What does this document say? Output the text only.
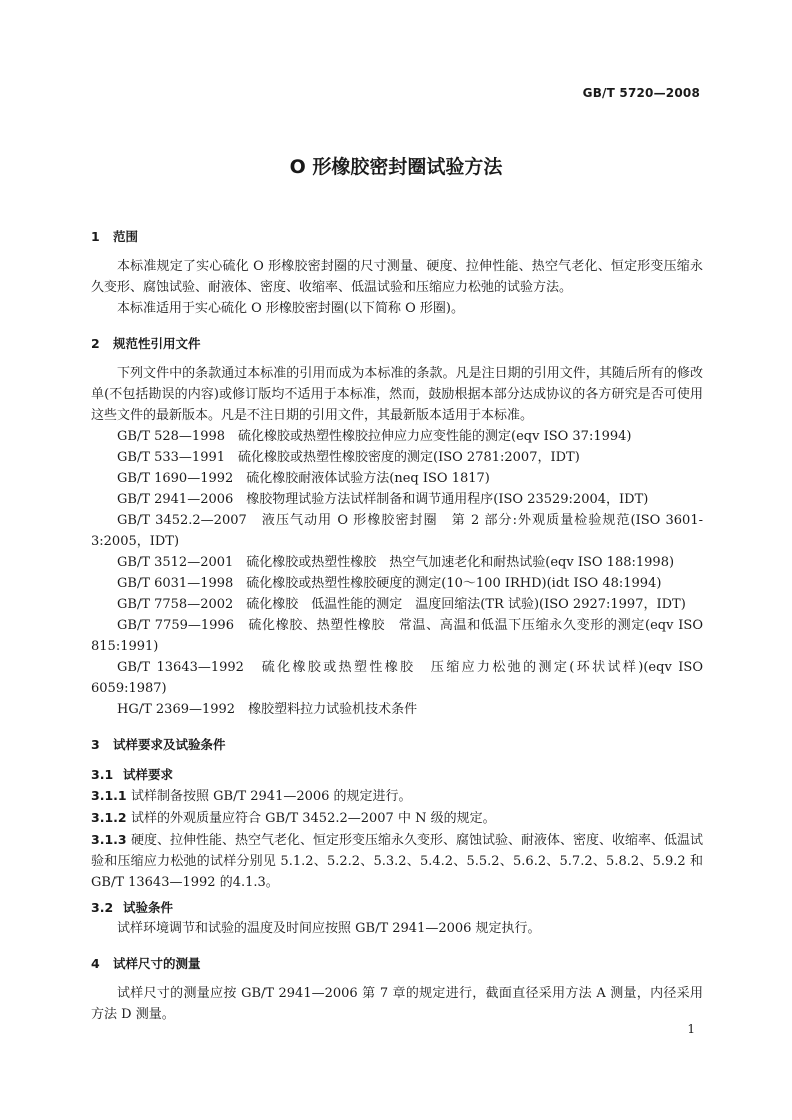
GB/T 5720—2008
O 形橡胶密封圈试验方法
1 范围
本标准规定了实心硫化 O 形橡胶密封圈的尺寸测量、硬度、拉伸性能、热空气老化、恒定形变压缩永久变形、腐蚀试验、耐液体、密度、收缩率、低温试验和压缩应力松弛的试验方法。
本标准适用于实心硫化 O 形橡胶密封圈(以下简称 O 形圈)。
2 规范性引用文件
下列文件中的条款通过本标准的引用而成为本标准的条款。凡是注日期的引用文件，其随后所有的修改单(不包括勘误的内容)或修订版均不适用于本标准，然而，鼓励根据本部分达成协议的各方研究是否可使用这些文件的最新版本。凡是不注日期的引用文件，其最新版本适用于本标准。
GB/T 528—1998　硫化橡胶或热塑性橡胶拉伸应力应变性能的测定(eqv ISO 37:1994)
GB/T 533—1991　硫化橡胶或热塑性橡胶密度的测定(ISO 2781:2007，IDT)
GB/T 1690—1992　硫化橡胶耐液体试验方法(neq ISO 1817)
GB/T 2941—2006　橡胶物理试验方法试样制备和调节通用程序(ISO 23529:2004，IDT)
GB/T 3452.2—2007　液压气动用 O 形橡胶密封圈　第 2 部分:外观质量检验规范(ISO 3601-3:2005，IDT)
GB/T 3512—2001　硫化橡胶或热塑性橡胶　热空气加速老化和耐热试验(eqv ISO 188:1998)
GB/T 6031—1998　硫化橡胶或热塑性橡胶硬度的测定(10～100 IRHD)(idt ISO 48:1994)
GB/T 7758—2002　硫化橡胶　低温性能的测定　温度回缩法(TR 试验)(ISO 2927:1997，IDT)
GB/T 7759—1996　硫化橡胶、热塑性橡胶　常温、高温和低温下压缩永久变形的测定(eqv ISO 815:1991)
GB/T 13643—1992　硫化橡胶或热塑性橡胶　压缩应力松弛的测定(环状试样)(eqv ISO 6059:1987)
HG/T 2369—1992　橡胶塑料拉力试验机技术条件
3 试样要求及试验条件
3.1 试样要求
3.1.1 试样制备按照 GB/T 2941—2006 的规定进行。
3.1.2 试样的外观质量应符合 GB/T 3452.2—2007 中 N 级的规定。
3.1.3 硬度、拉伸性能、热空气老化、恒定形变压缩永久变形、腐蚀试验、耐液体、密度、收缩率、低温试验和压缩应力松弛的试样分别见 5.1.2、5.2.2、5.3.2、5.4.2、5.5.2、5.6.2、5.7.2、5.8.2、5.9.2 和 GB/T 13643—1992 的4.1.3。
3.2 试验条件
试样环境调节和试验的温度及时间应按照 GB/T 2941—2006 规定执行。
4 试样尺寸的测量
试样尺寸的测量应按 GB/T 2941—2006 第 7 章的规定进行，截面直径采用方法 A 测量，内径采用方法 D 测量。
1
